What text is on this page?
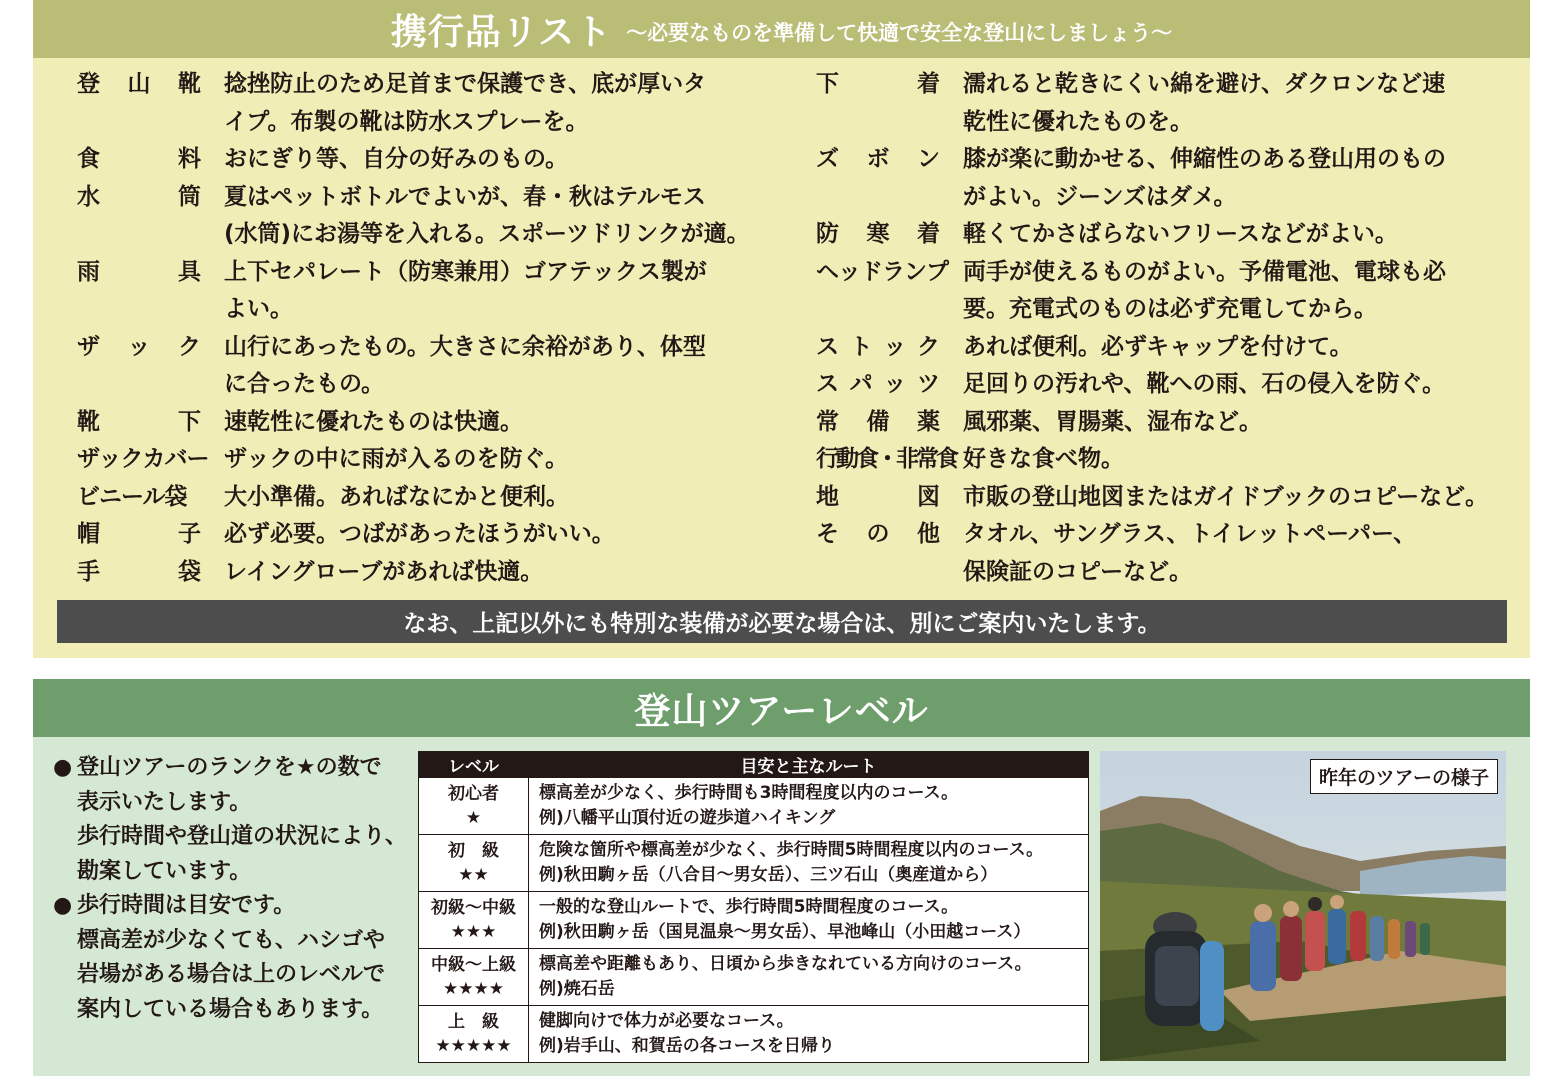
携行品リスト ～必要なものを準備して快適で安全な登山にしましょう～
登 山 靴 捻挫防止のため足首まで保護でき、底が厚いタ
イプ。布製の靴は防水スプレーを。
食	料 おにぎり等、自分の好みのもの。
水	筒 夏はペットボトルでよいが、春・秋はテルモス
(水筒)にお湯等を入れる。スポーツドリンクが適。
雨	具 上下セパレート（防寒兼用）ゴアテックス製が
よい。
ザ ッ ク 山行にあったもの。大きさに余裕があり、体型
に合ったもの。
靴	下 速乾性に優れたものは快適。
ザックカバー ザックの中に雨が入るのを防ぐ。
ビニール袋 大小準備。あればなにかと便利。
帽	子 必ず必要。つばがあったほうがいい。
手	袋 レイングローブがあれば快適。
下	着 濡れると乾きにくい綿を避け、ダクロンなど速
乾性に優れたものを。
ズ ボ ン 膝が楽に動かせる、伸縮性のある登山用のもの
がよい。ジーンズはダメ。
防 寒 着 軽くてかさばらないフリースなどがよい。
ヘッドランプ 両手が使えるものがよい。予備電池、電球も必
要。充電式のものは必ず充電してから。
ス ト ッ ク あれば便利。必ずキャップを付けて。
ス パ ッ ツ 足回りの汚れや、靴への雨、石の侵入を防ぐ。
常 備 薬 風邪薬、胃腸薬、湿布など。
行動食・非常食 好きな食べ物。
地	図 市販の登山地図またはガイドブックのコピーなど。
そ の 他 タオル、サングラス、トイレットペーパー、
保険証のコピーなど。
なお、上記以外にも特別な装備が必要な場合は、別にご案内いたします。
登山ツアーレベル
● 登山ツアーのランクを★の数で
表示いたします。
歩行時間や登山道の状況により、
勘案しています。
● 歩行時間は目安です。
標高差が少なくても、ハシゴや
岩場がある場合は上のレベルで
案内している場合もあります。
レベル	目安と主なルート

初心者
★	標高差が少なく、歩行時間も3時間程度以内のコース。
例)八幡平山頂付近の遊歩道ハイキング

初　級
★★	危険な箇所や標高差が少なく、歩行時間5時間程度以内のコース。
例)秋田駒ヶ岳（八合目～男女岳）、三ツ石山（奥産道から）

初級～中級
★★★	一般的な登山ルートで、歩行時間5時間程度のコース。
例)秋田駒ヶ岳（国見温泉～男女岳）、早池峰山（小田越コース）

中級～上級
★★★★	標高差や距離もあり、日頃から歩きなれている方向けのコース。
例)焼石岳

上　級
★★★★★	健脚向けで体力が必要なコース。
例)岩手山、和賀岳の各コースを日帰り
昨年のツアーの様子
